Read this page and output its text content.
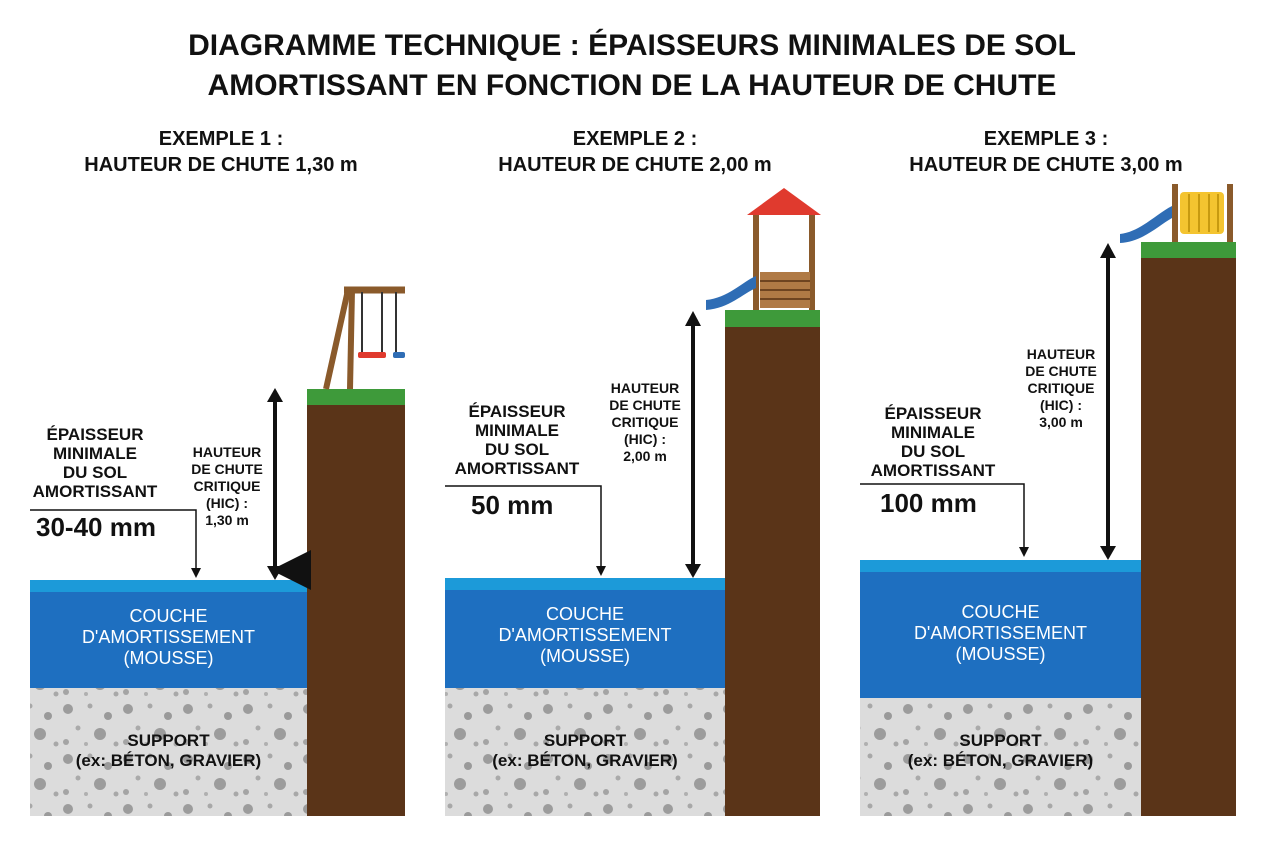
DIAGRAMME TECHNIQUE : ÉPAISSEURS MINIMALES DE SOL
AMORTISSANT EN FONCTION DE LA HAUTEUR DE CHUTE
EXEMPLE 1 :
HAUTEUR DE CHUTE 1,30 m
EXEMPLE 2 :
HAUTEUR DE CHUTE 2,00 m
EXEMPLE 3 :
HAUTEUR DE CHUTE 3,00 m
ÉPAISSEUR
MINIMALE
DU SOL
AMORTISSANT
30-40 mm
HAUTEUR
DE CHUTE
CRITIQUE
(HIC) :
1,30 m
COUCHE
D'AMORTISSEMENT
(MOUSSE)
SUPPORT
(ex: BÉTON, GRAVIER)
ÉPAISSEUR
MINIMALE
DU SOL
AMORTISSANT
50 mm
HAUTEUR
DE CHUTE
CRITIQUE
(HIC) :
2,00 m
COUCHE
D'AMORTISSEMENT
(MOUSSE)
SUPPORT
(ex: BÉTON, GRAVIER)
ÉPAISSEUR
MINIMALE
DU SOL
AMORTISSANT
100 mm
HAUTEUR
DE CHUTE
CRITIQUE
(HIC) :
3,00 m
COUCHE
D'AMORTISSEMENT
(MOUSSE)
SUPPORT
(ex: BÉTON, GRAVIER)
